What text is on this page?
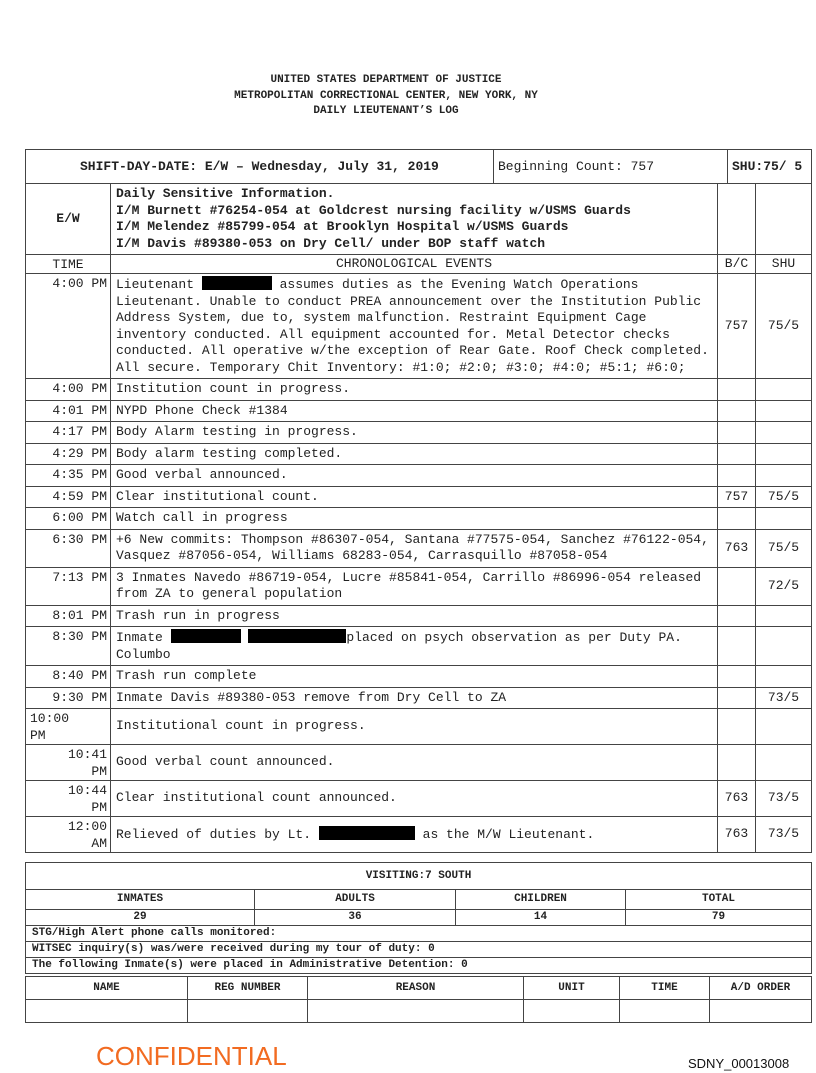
UNITED STATES DEPARTMENT OF JUSTICE
METROPOLITAN CORRECTIONAL CENTER, NEW YORK, NY
DAILY LIEUTENANT’S LOG
SHIFT-DAY-DATE: E/W – Wednesday, July 31, 2019	Beginning Count: 757	SHU:75/ 5
E/W	Daily Sensitive Information.
I/M Burnett #76254-054 at Goldcrest nursing facility w/USMS Guards
I/M Melendez #85799-054 at Brooklyn Hospital w/USMS Guards
I/M Davis #89380-053 on Dry Cell/ under BOP staff watch		

TIME	CHRONOLOGICAL EVENTS	B/C	SHU
4:00 PM	Lieutenant assumes duties as the Evening Watch Operations Lieutenant. Unable to conduct PREA announcement over the Institution Public Address System, due to, system malfunction. Restraint Equipment Cage inventory conducted. All equipment accounted for. Metal Detector checks conducted. All operative w/the exception of Rear Gate. Roof Check completed. All secure. Temporary Chit Inventory: #1:0; #2:0; #3:0; #4:0; #5:1; #6:0;	757	75/5
4:00 PM	Institution count in progress.		
4:01 PM	NYPD Phone Check #1384		
4:17 PM	Body Alarm testing in progress.		
4:29 PM	Body alarm testing completed.		
4:35 PM	Good verbal announced.		
4:59 PM	Clear institutional count.	757	75/5
6:00 PM	Watch call in progress		
6:30 PM	+6 New commits: Thompson #86307-054, Santana #77575-054, Sanchez #76122-054, Vasquez #87056-054, Williams 68283-054, Carrasquillo #87058-054	763	75/5
7:13 PM	3 Inmates Navedo #86719-054, Lucre #85841-054, Carrillo #86996-054 released from ZA to general population		72/5
8:01 PM	Trash run in progress		
8:30 PM	Inmate placed on psych observation as per Duty PA. Columbo		
8:40 PM	Trash run complete		
9:30 PM	Inmate Davis #89380-053 remove from Dry Cell to ZA		73/5
10:00 PM	Institutional count in progress.		
10:41 PM	Good verbal count announced.		
10:44 PM	Clear institutional count announced.	763	73/5
12:00 AM	Relieved of duties by Lt. as the M/W Lieutenant.	763	73/5
VISITING:7 SOUTH			
INMATES	ADULTS	CHILDREN	TOTAL
29	36	14	79
STG/High Alert phone calls monitored:			
WITSEC inquiry(s) was/were received during my tour of duty: 0			
The following Inmate(s) were placed in Administrative Detention: 0			
NAME	REG NUMBER	REASON	UNIT	TIME	A/D ORDER

CONFIDENTIAL	SDNY_00013008
